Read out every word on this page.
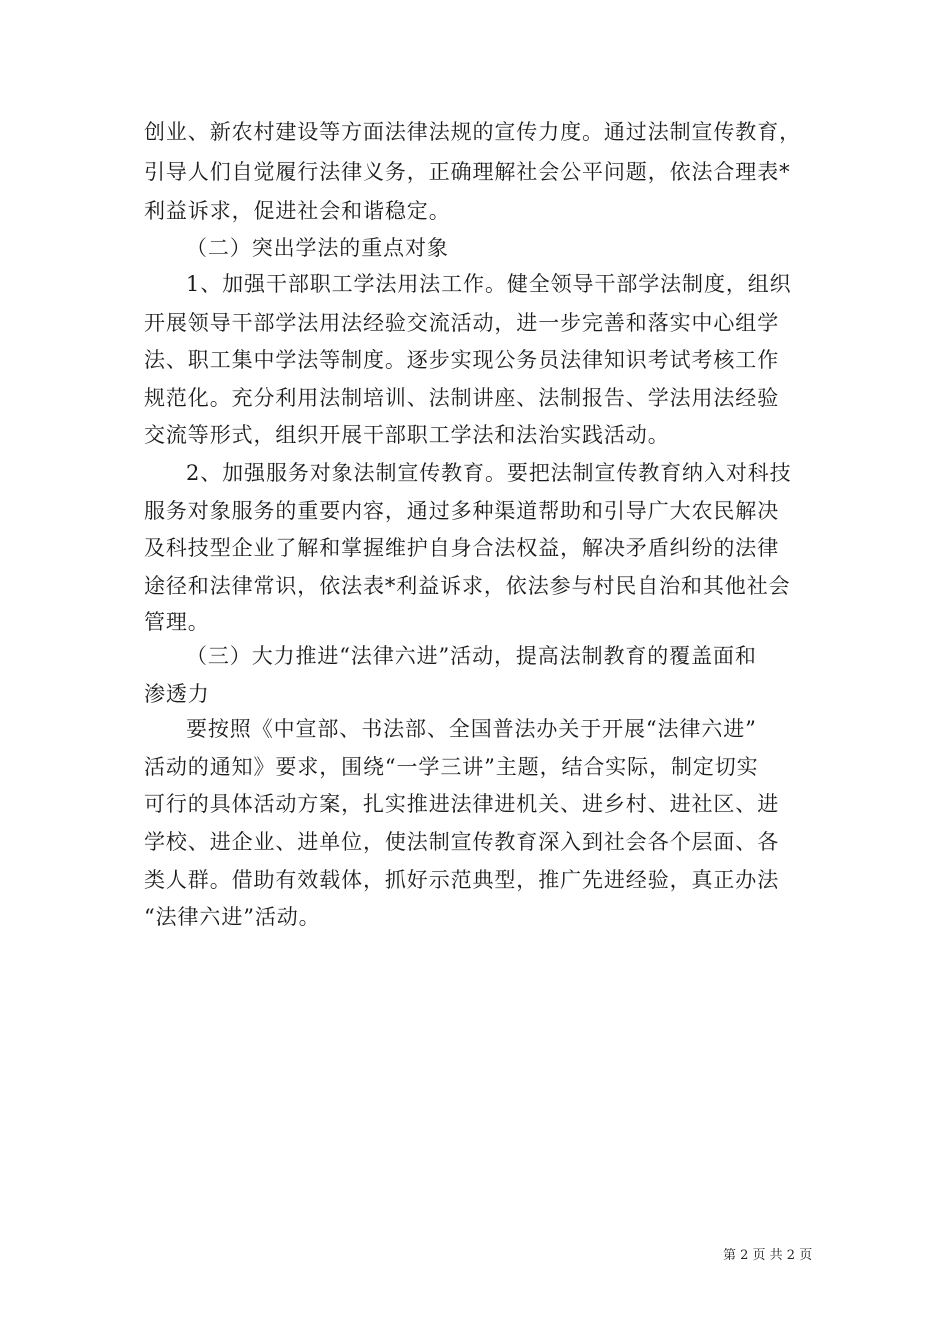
创业、新农村建设等方面法律法规的宣传力度。通过法制宣传教育，
引导人们自觉履行法律义务，正确理解社会公平问题，依法合理表*
利益诉求，促进社会和谐稳定。
（二）突出学法的重点对象
1、加强干部职工学法用法工作。健全领导干部学法制度，组织
开展领导干部学法用法经验交流活动，进一步完善和落实中心组学
法、职工集中学法等制度。逐步实现公务员法律知识考试考核工作
规范化。充分利用法制培训、法制讲座、法制报告、学法用法经验
交流等形式，组织开展干部职工学法和法治实践活动。
2、加强服务对象法制宣传教育。要把法制宣传教育纳入对科技
服务对象服务的重要内容，通过多种渠道帮助和引导广大农民解决
及科技型企业了解和掌握维护自身合法权益，解决矛盾纠纷的法律
途径和法律常识，依法表*利益诉求，依法参与村民自治和其他社会
管理。
（三）大力推进“法律六进”活动，提高法制教育的覆盖面和
渗透力
要按照《中宣部、书法部、全国普法办关于开展“法律六进”
活动的通知》要求，围绕“一学三讲”主题，结合实际，制定切实
可行的具体活动方案，扎实推进法律进机关、进乡村、进社区、进
学校、进企业、进单位，使法制宣传教育深入到社会各个层面、各
类人群。借助有效载体，抓好示范典型，推广先进经验，真正办法
“法律六进”活动。
第 2 页 共 2 页
